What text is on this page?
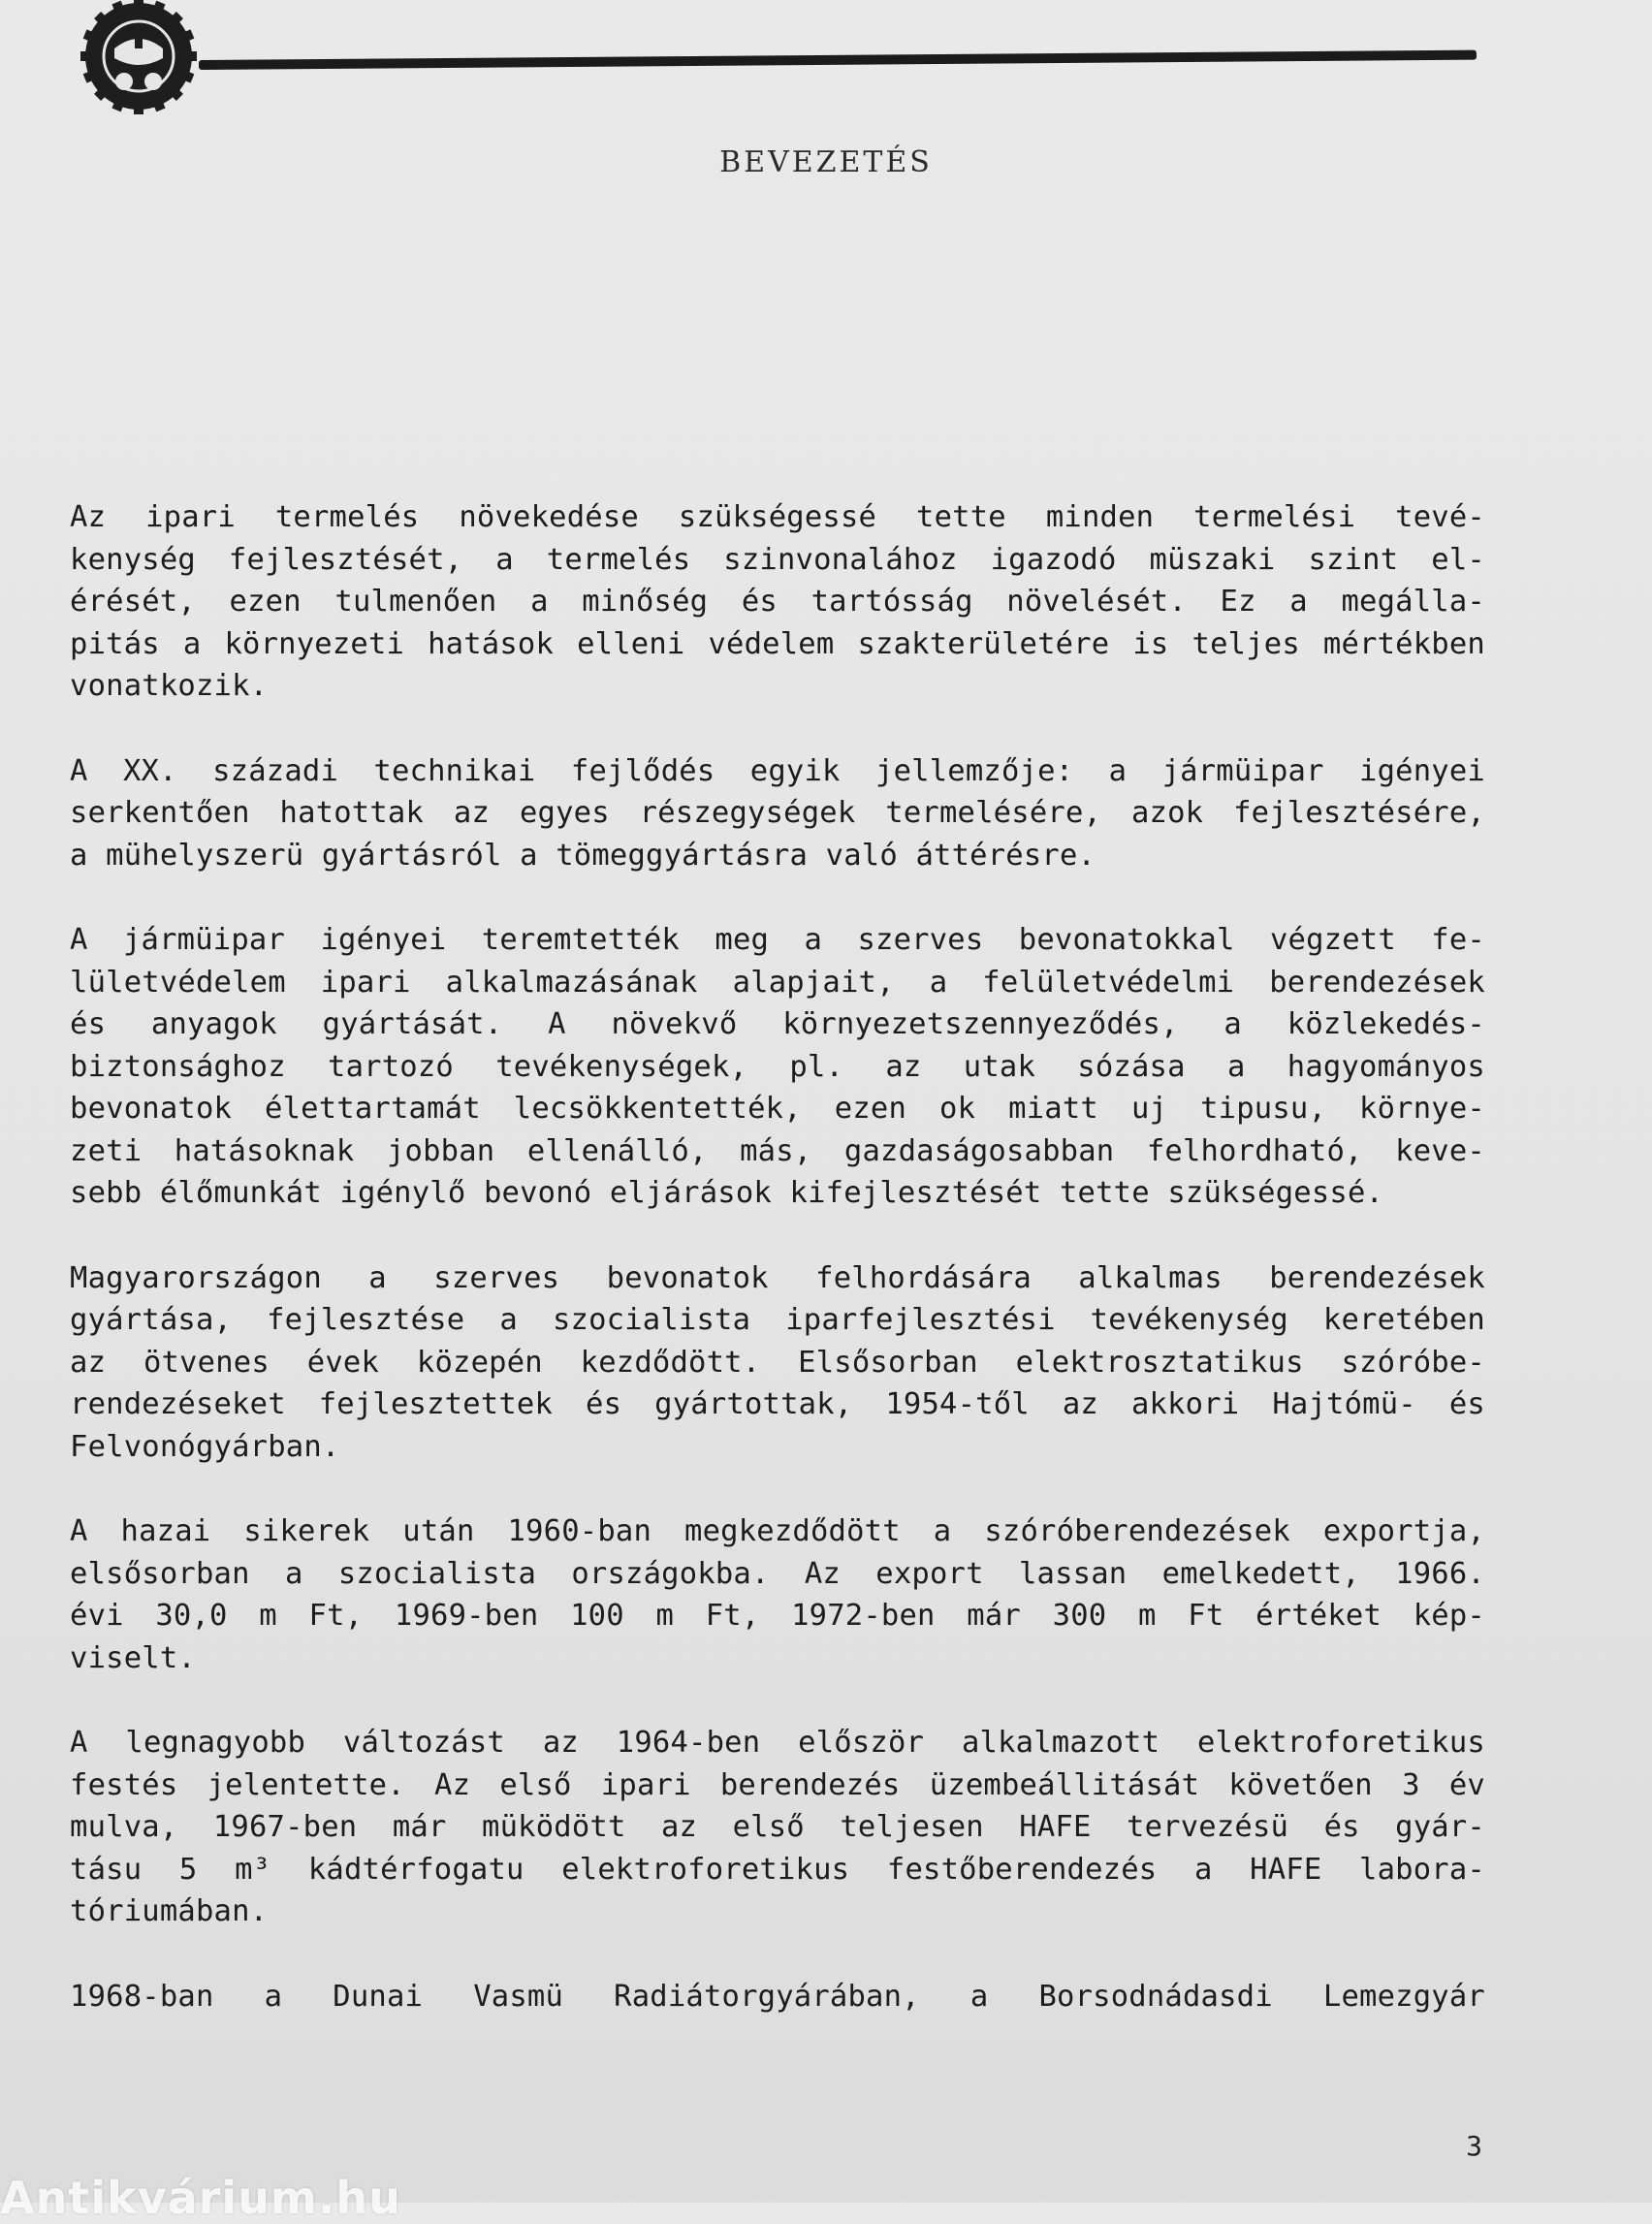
BEVEZETÉS
Az ipari termelés növekedése szükségessé tette minden termelési tevé-
kenység fejlesztését, a termelés szinvonalához igazodó müszaki szint el-
érését, ezen tulmenően a minőség és tartósság növelését. Ez a megálla-
pitás a környezeti hatások elleni védelem szakterületére is teljes mértékben
vonatkozik.
A XX. századi technikai fejlődés egyik jellemzője: a jármüipar igényei
serkentően hatottak az egyes részegységek termelésére, azok fejlesztésére,
a mühelyszerü gyártásról a tömeggyártásra való áttérésre.
A jármüipar igényei teremtették meg a szerves bevonatokkal végzett fe-
lületvédelem ipari alkalmazásának alapjait, a felületvédelmi berendezések
és anyagok gyártását. A növekvő környezetszennyeződés, a közlekedés-
biztonsághoz tartozó tevékenységek, pl. az utak sózása a hagyományos
bevonatok élettartamát lecsökkentették, ezen ok miatt uj tipusu, környe-
zeti hatásoknak jobban ellenálló, más, gazdaságosabban felhordható, keve-
sebb élőmunkát igénylő bevonó eljárások kifejlesztését tette szükségessé.
Magyarországon a szerves bevonatok felhordására alkalmas berendezések
gyártása, fejlesztése a szocialista iparfejlesztési tevékenység keretében
az ötvenes évek közepén kezdődött. Elsősorban elektrosztatikus szóróbe-
rendezéseket fejlesztettek és gyártottak, 1954-től az akkori Hajtómü- és
Felvonógyárban.
A hazai sikerek után 1960-ban megkezdődött a szóróberendezések exportja,
elsősorban a szocialista országokba. Az export lassan emelkedett, 1966.
évi 30,0 m Ft, 1969-ben 100 m Ft, 1972-ben már 300 m Ft értéket kép-
viselt.
A legnagyobb változást az 1964-ben először alkalmazott elektroforetikus
festés jelentette. Az első ipari berendezés üzembeállitását követően 3 év
mulva, 1967-ben már müködött az első teljesen HAFE tervezésü és gyár-
tásu 5 m³ kádtérfogatu elektroforetikus festőberendezés a HAFE labora-
tóriumában.
1968-ban a Dunai Vasmü Radiátorgyárában, a Borsodnádasdi Lemezgyár
3
Antikvárium.hu
